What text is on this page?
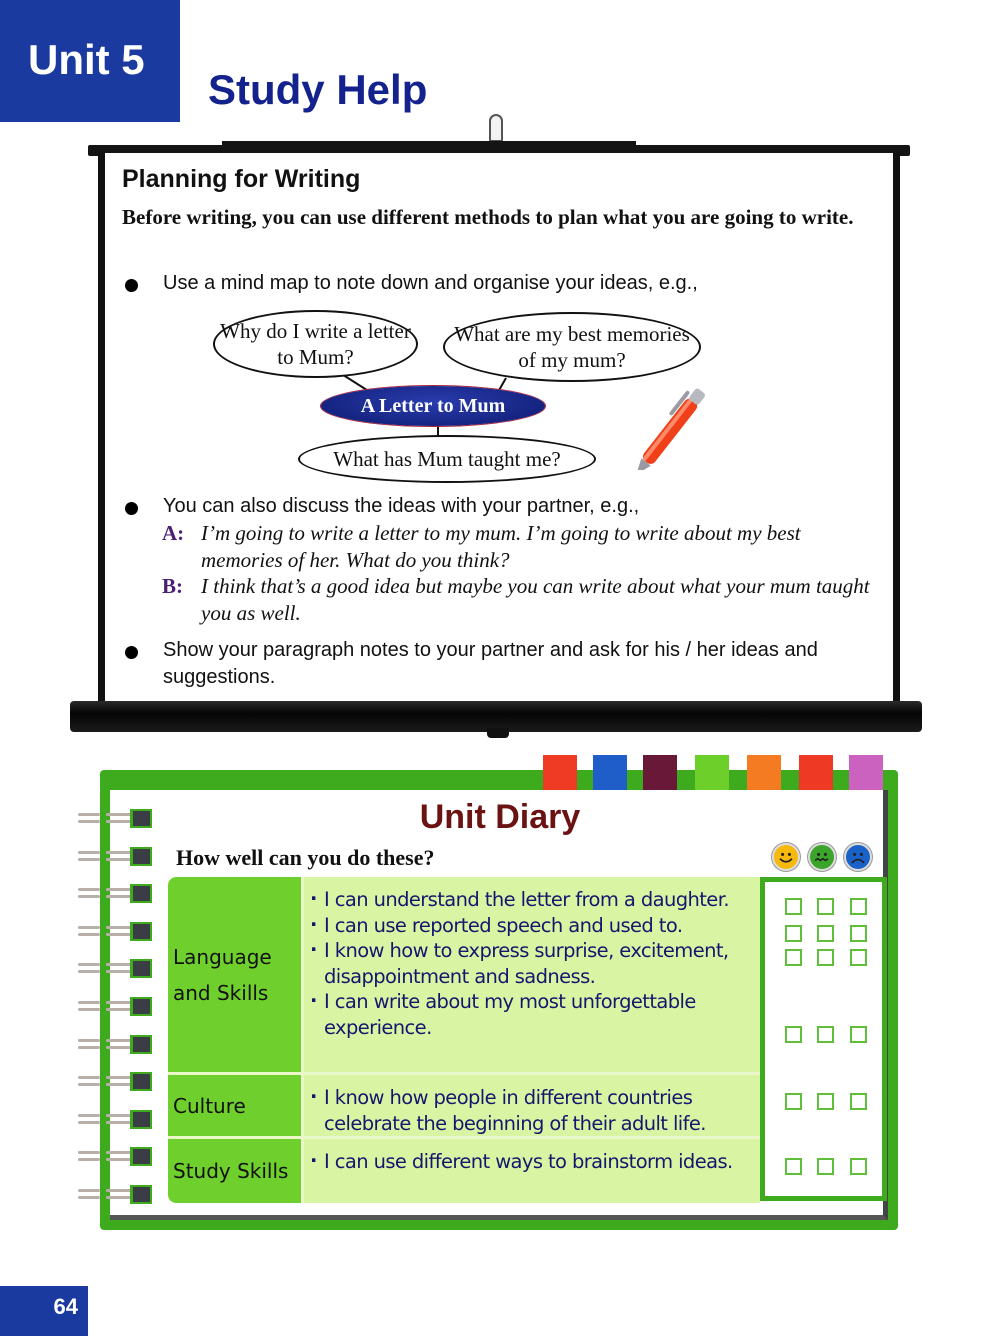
Unit 5
Study Help
Planning for Writing
Before writing, you can use different methods to plan what you are going to write.
Use a mind map to note down and organise your ideas, e.g.,
Why do I write a letter to Mum?
What are my best memories of my mum?
A Letter to Mum
What has Mum taught me?
You can also discuss the ideas with your partner, e.g.,
A: I’m going to write a letter to my mum. I’m going to write about my best memories of her. What do you think?
B: I think that’s a good idea but maybe you can write about what your mum taught you as well.
Show your paragraph notes to your partner and ask for his / her ideas and suggestions.
Unit Diary
How well can you do these?
Language and Skills
· I can understand the letter from a daughter.
· I can use reported speech and used to.
· I know how to express surprise, excitement, disappointment and sadness.
· I can write about my most unforgettable experience.
Culture	· I know how people in different countries celebrate the beginning of their adult life.
Study Skills	· I can use different ways to brainstorm ideas.
64
